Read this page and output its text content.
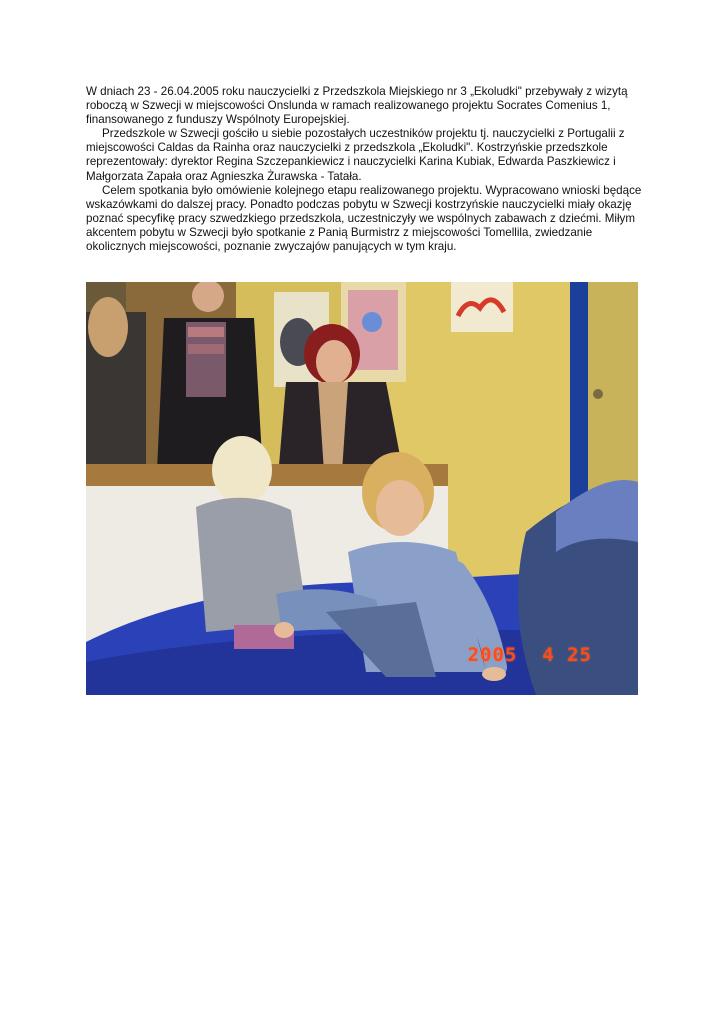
W dniach 23 - 26.04.2005 roku nauczycielki z Przedszkola Miejskiego nr 3 „Ekoludki" przebywały z wizytą roboczą w Szwecji w miejscowości Onslunda w ramach realizowanego projektu Socrates Comenius 1, finansowanego z funduszy Wspólnoty Europejskiej.

Przedszkole w Szwecji gościło u siebie pozostałych uczestników projektu tj. nauczycielki z Portugalii z miejscowości Caldas da Rainha oraz nauczycielki z przedszkola „Ekoludki". Kostrzyńskie przedszkole reprezentowały: dyrektor Regina Szczepankiewicz i nauczycielki Karina Kubiak, Edwarda Paszkiewicz i Małgorzata Zapała oraz Agnieszka Żurawska - Tatała.

Celem spotkania było omówienie kolejnego etapu realizowanego projektu. Wypracowano wnioski będące wskazówkami do dalszej pracy. Ponadto podczas pobytu w Szwecji kostrzyńskie nauczycielki miały okazję poznać specyfikę pracy szwedzkiego przedszkola, uczestniczyły we wspólnych zabawach z dziećmi. Miłym akcentem pobytu w Szwecji było spotkanie z Panią Burmistrz z miejscowości Tomellila, zwiedzanie okolicznych miejscowości, poznanie zwyczajów panujących w tym kraju.

2005  4 25
